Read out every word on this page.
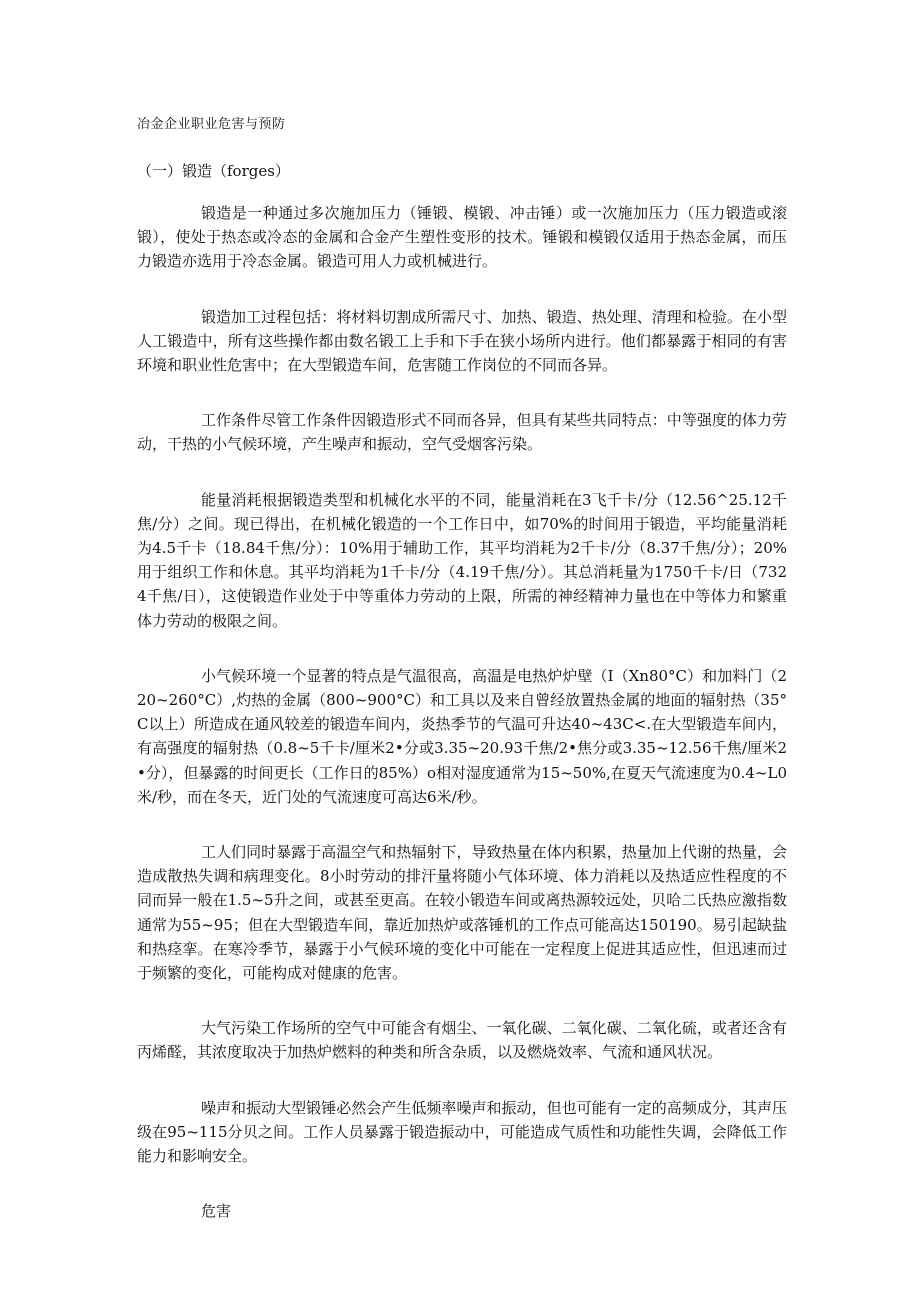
冶金企业职业危害与预防
（一）锻造（forges）

锻造是一种通过多次施加压力（锤锻、模锻、冲击锤）或一次施加压力（压力锻造或滚锻），使处于热态或冷态的金属和合金产生塑性变形的技术。锤锻和模锻仅适用于热态金属，而压力锻造亦选用于冷态金属。锻造可用人力或机械进行。

锻造加工过程包括：将材料切割成所需尺寸、加热、锻造、热处理、清理和检验。在小型人工锻造中，所有这些操作都由数名锻工上手和下手在狭小场所内进行。他们都暴露于相同的有害环境和职业性危害中；在大型锻造车间，危害随工作岗位的不同而各异。

工作条件尽管工作条件因锻造形式不同而各异，但具有某些共同特点：中等强度的体力劳动，干热的小气候环境，产生噪声和振动，空气受烟客污染。

能量消耗根据锻造类型和机械化水平的不同，能量消耗在3飞千卡/分（12.56^25.12千焦/分）之间。现已得出，在机械化锻造的一个工作日中，如70%的时间用于锻造，平均能量消耗为4.5千卡（18.84千焦/分）：10%用于辅助工作，其平均消耗为2千卡/分（8.37千焦/分）；20%用于组织工作和休息。其平均消耗为1千卡/分（4.19千焦/分）。其总消耗量为1750千卡/日（7324千焦/日），这使锻造作业处于中等重体力劳动的上限，所需的神经精神力量也在中等体力和繁重体力劳动的极限之间。

小气候环境一个显著的特点是气温很高，高温是电热炉炉壁（I（Xn80°C）和加料门（220~260°C）,灼热的金属（800~900°C）和工具以及来自曾经放置热金属的地面的辐射热（35°C以上）所造成在通风较差的锻造车间内，炎热季节的气温可升达40~43C<.在大型锻造车间内，有高强度的辐射热（0.8~5千卡/厘米2•分或3.35~20.93千焦/2•焦分或3.35~12.56千焦/厘米2•分），但暴露的时间更长（工作日的85%）o相对湿度通常为15~50%,在夏天气流速度为0.4~L0米/秒，而在冬天，近门处的气流速度可高达6米/秒。

工人们同时暴露于高温空气和热辐射下，导致热量在体内积累，热量加上代谢的热量，会造成散热失调和病理变化。8小时劳动的排汗量将随小气体环境、体力消耗以及热适应性程度的不同而异一般在1.5~5升之间，或甚至更高。在较小锻造车间或离热源较远处，贝哈二氏热应激指数通常为55~95；但在大型锻造车间，靠近加热炉或落锤机的工作点可能高达150190。易引起缺盐和热痉挛。在寒冷季节，暴露于小气候环境的变化中可能在一定程度上促进其适应性，但迅速而过于频繁的变化，可能构成对健康的危害。

大气污染工作场所的空气中可能含有烟尘、一氧化碳、二氧化碳、二氧化硫，或者还含有丙烯醛，其浓度取决于加热炉燃料的种类和所含杂质，以及燃烧效率、气流和通风状况。

噪声和振动大型锻锤必然会产生低频率噪声和振动，但也可能有一定的高频成分，其声压级在95~115分贝之间。工作人员暴露于锻造振动中，可能造成气质性和功能性失调，会降低工作能力和影响安全。

危害
